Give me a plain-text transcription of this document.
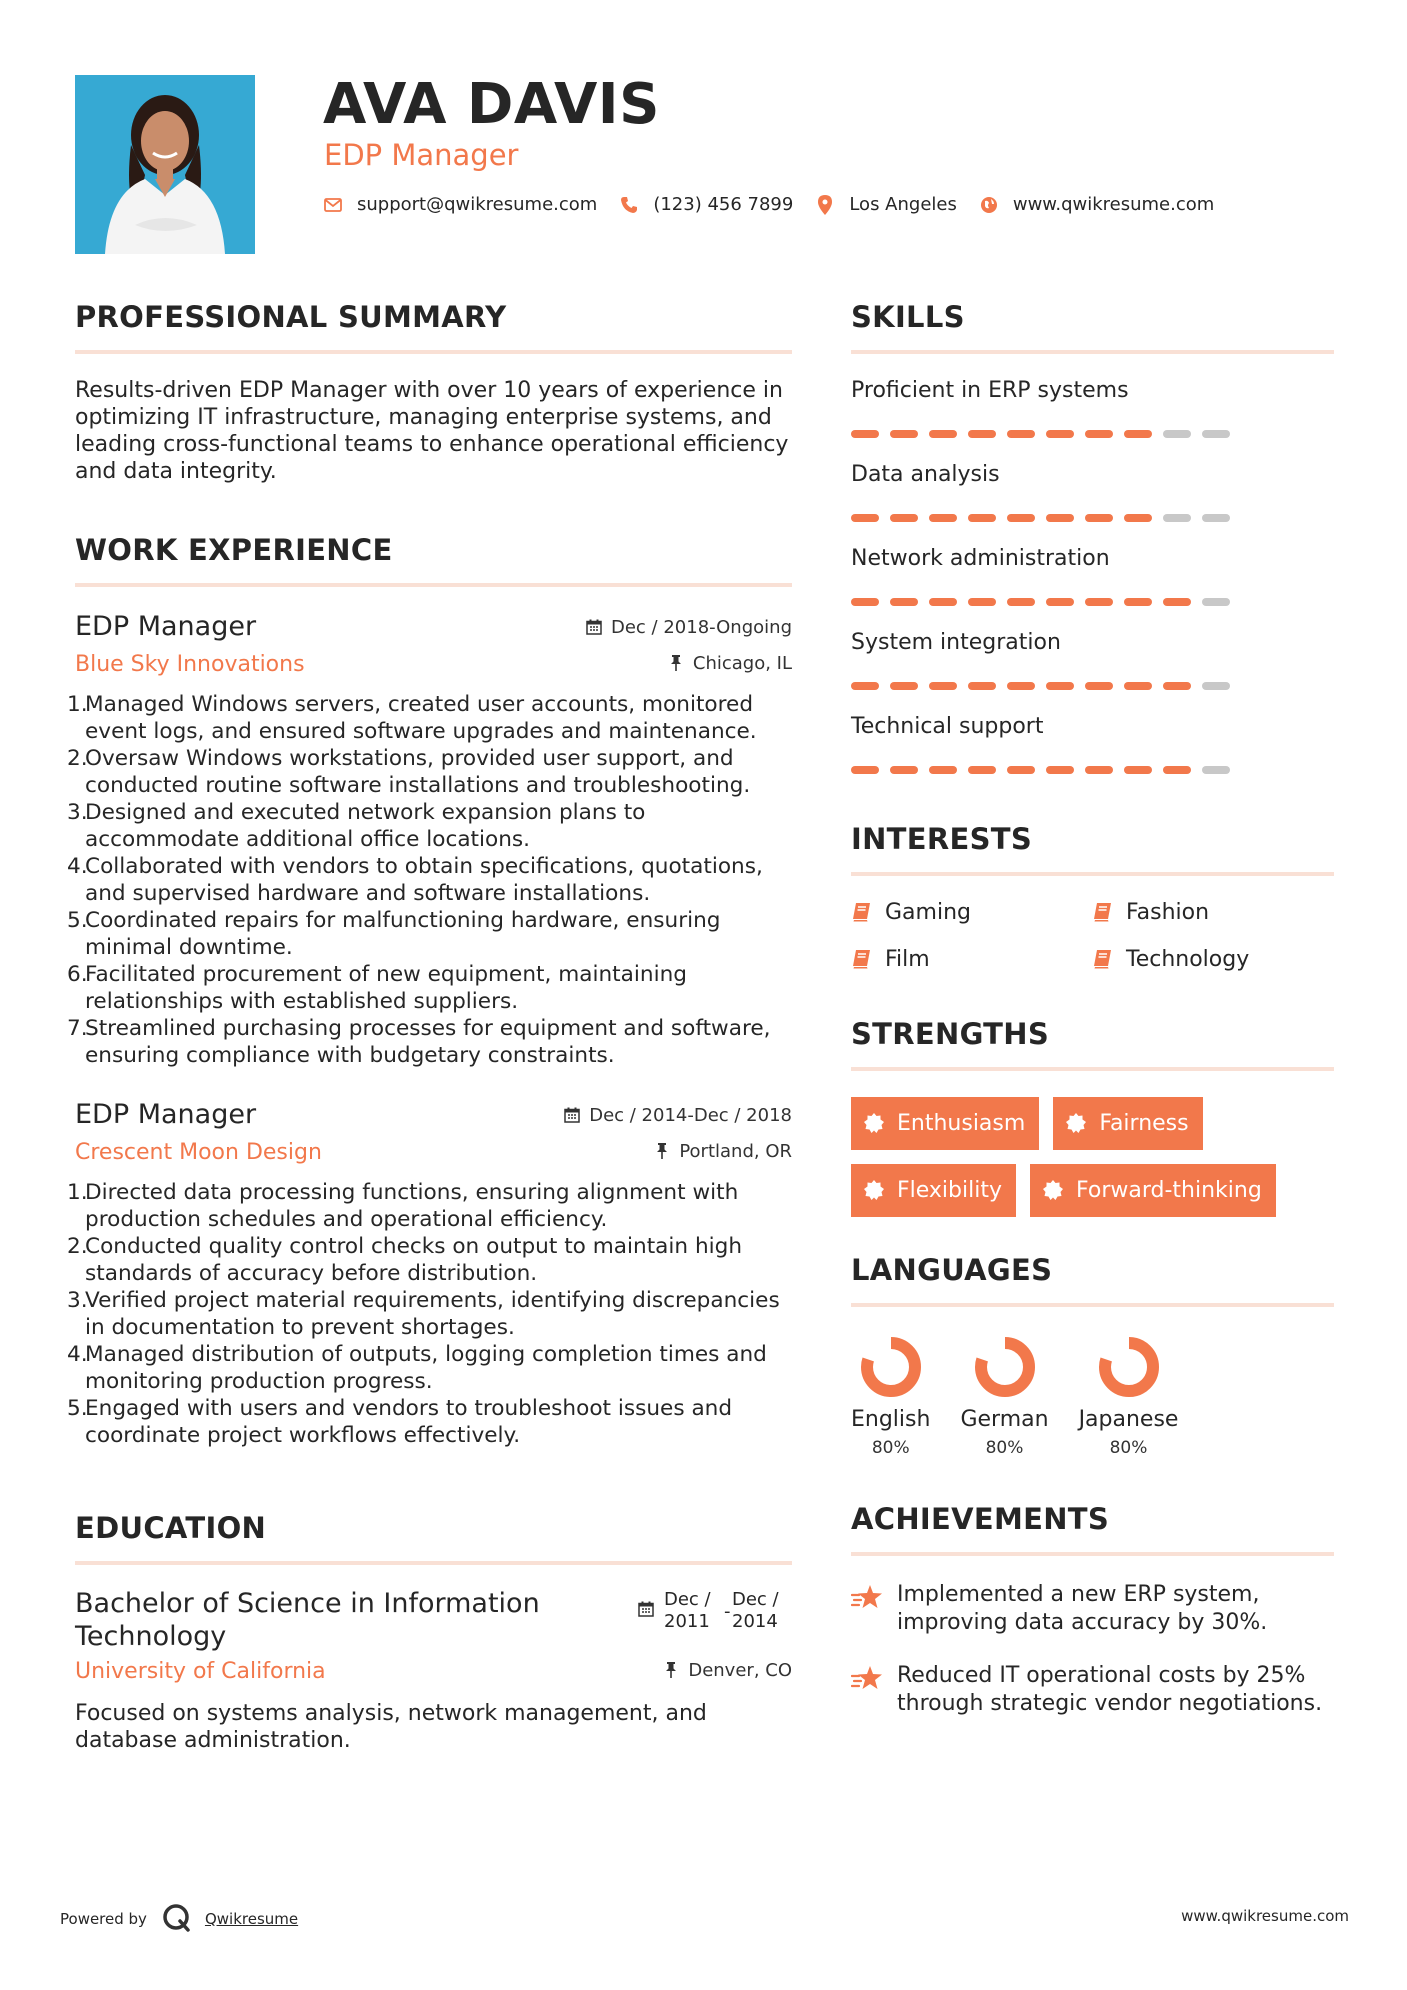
AVA DAVIS
EDP Manager
support@qwikresume.com	(123) 456 7899	Los Angeles	www.qwikresume.com
PROFESSIONAL SUMMARY

Results-driven EDP Manager with over 10 years of experience in optimizing IT infrastructure, managing enterprise systems, and leading cross-functional teams to enhance operational efficiency and data integrity.

WORK EXPERIENCE
EDP Manager	Dec / 2018-Ongoing
Blue Sky Innovations	Chicago, IL
1.
Managed Windows servers, created user accounts, monitored event logs, and ensured software upgrades and maintenance.
2.
Oversaw Windows workstations, provided user support, and conducted routine software installations and troubleshooting.
3.
Designed and executed network expansion plans to accommodate additional office locations.
4.
Collaborated with vendors to obtain specifications, quotations, and supervised hardware and software installations.
5.
Coordinated repairs for malfunctioning hardware, ensuring minimal downtime.
6.
Facilitated procurement of new equipment, maintaining relationships with established suppliers.
7.
Streamlined purchasing processes for equipment and software, ensuring compliance with budgetary constraints.
EDP Manager	Dec / 2014-Dec / 2018
Crescent Moon Design	Portland, OR
1.
Directed data processing functions, ensuring alignment with production schedules and operational efficiency.
2.
Conducted quality control checks on output to maintain high standards of accuracy before distribution.
3.
Verified project material requirements, identifying discrepancies in documentation to prevent shortages.
4.
Managed distribution of outputs, logging completion times and monitoring production progress.
5.
Engaged with users and vendors to troubleshoot issues and coordinate project workflows effectively.
EDUCATION
Bachelor of Science in Information Technology
Dec /
2011 -
Dec /
2014
University of California	Denver, CO

Focused on systems analysis, network management, and database administration.

SKILLS
Proficient in ERP systems
Data analysis
Network administration
System integration
Technical support
INTERESTS
Gaming	Fashion
Film	Technology
STRENGTHS
Enthusiasm	Fairness
Flexibility	Forward-thinking
LANGUAGES
English
80%
German
80%
Japanese
80%
ACHIEVEMENTS
Implemented a new ERP system, improving data accuracy by 30%.
Reduced IT operational costs by 25% through strategic vendor negotiations.
Powered by	Qwikresume	www.qwikresume.com
